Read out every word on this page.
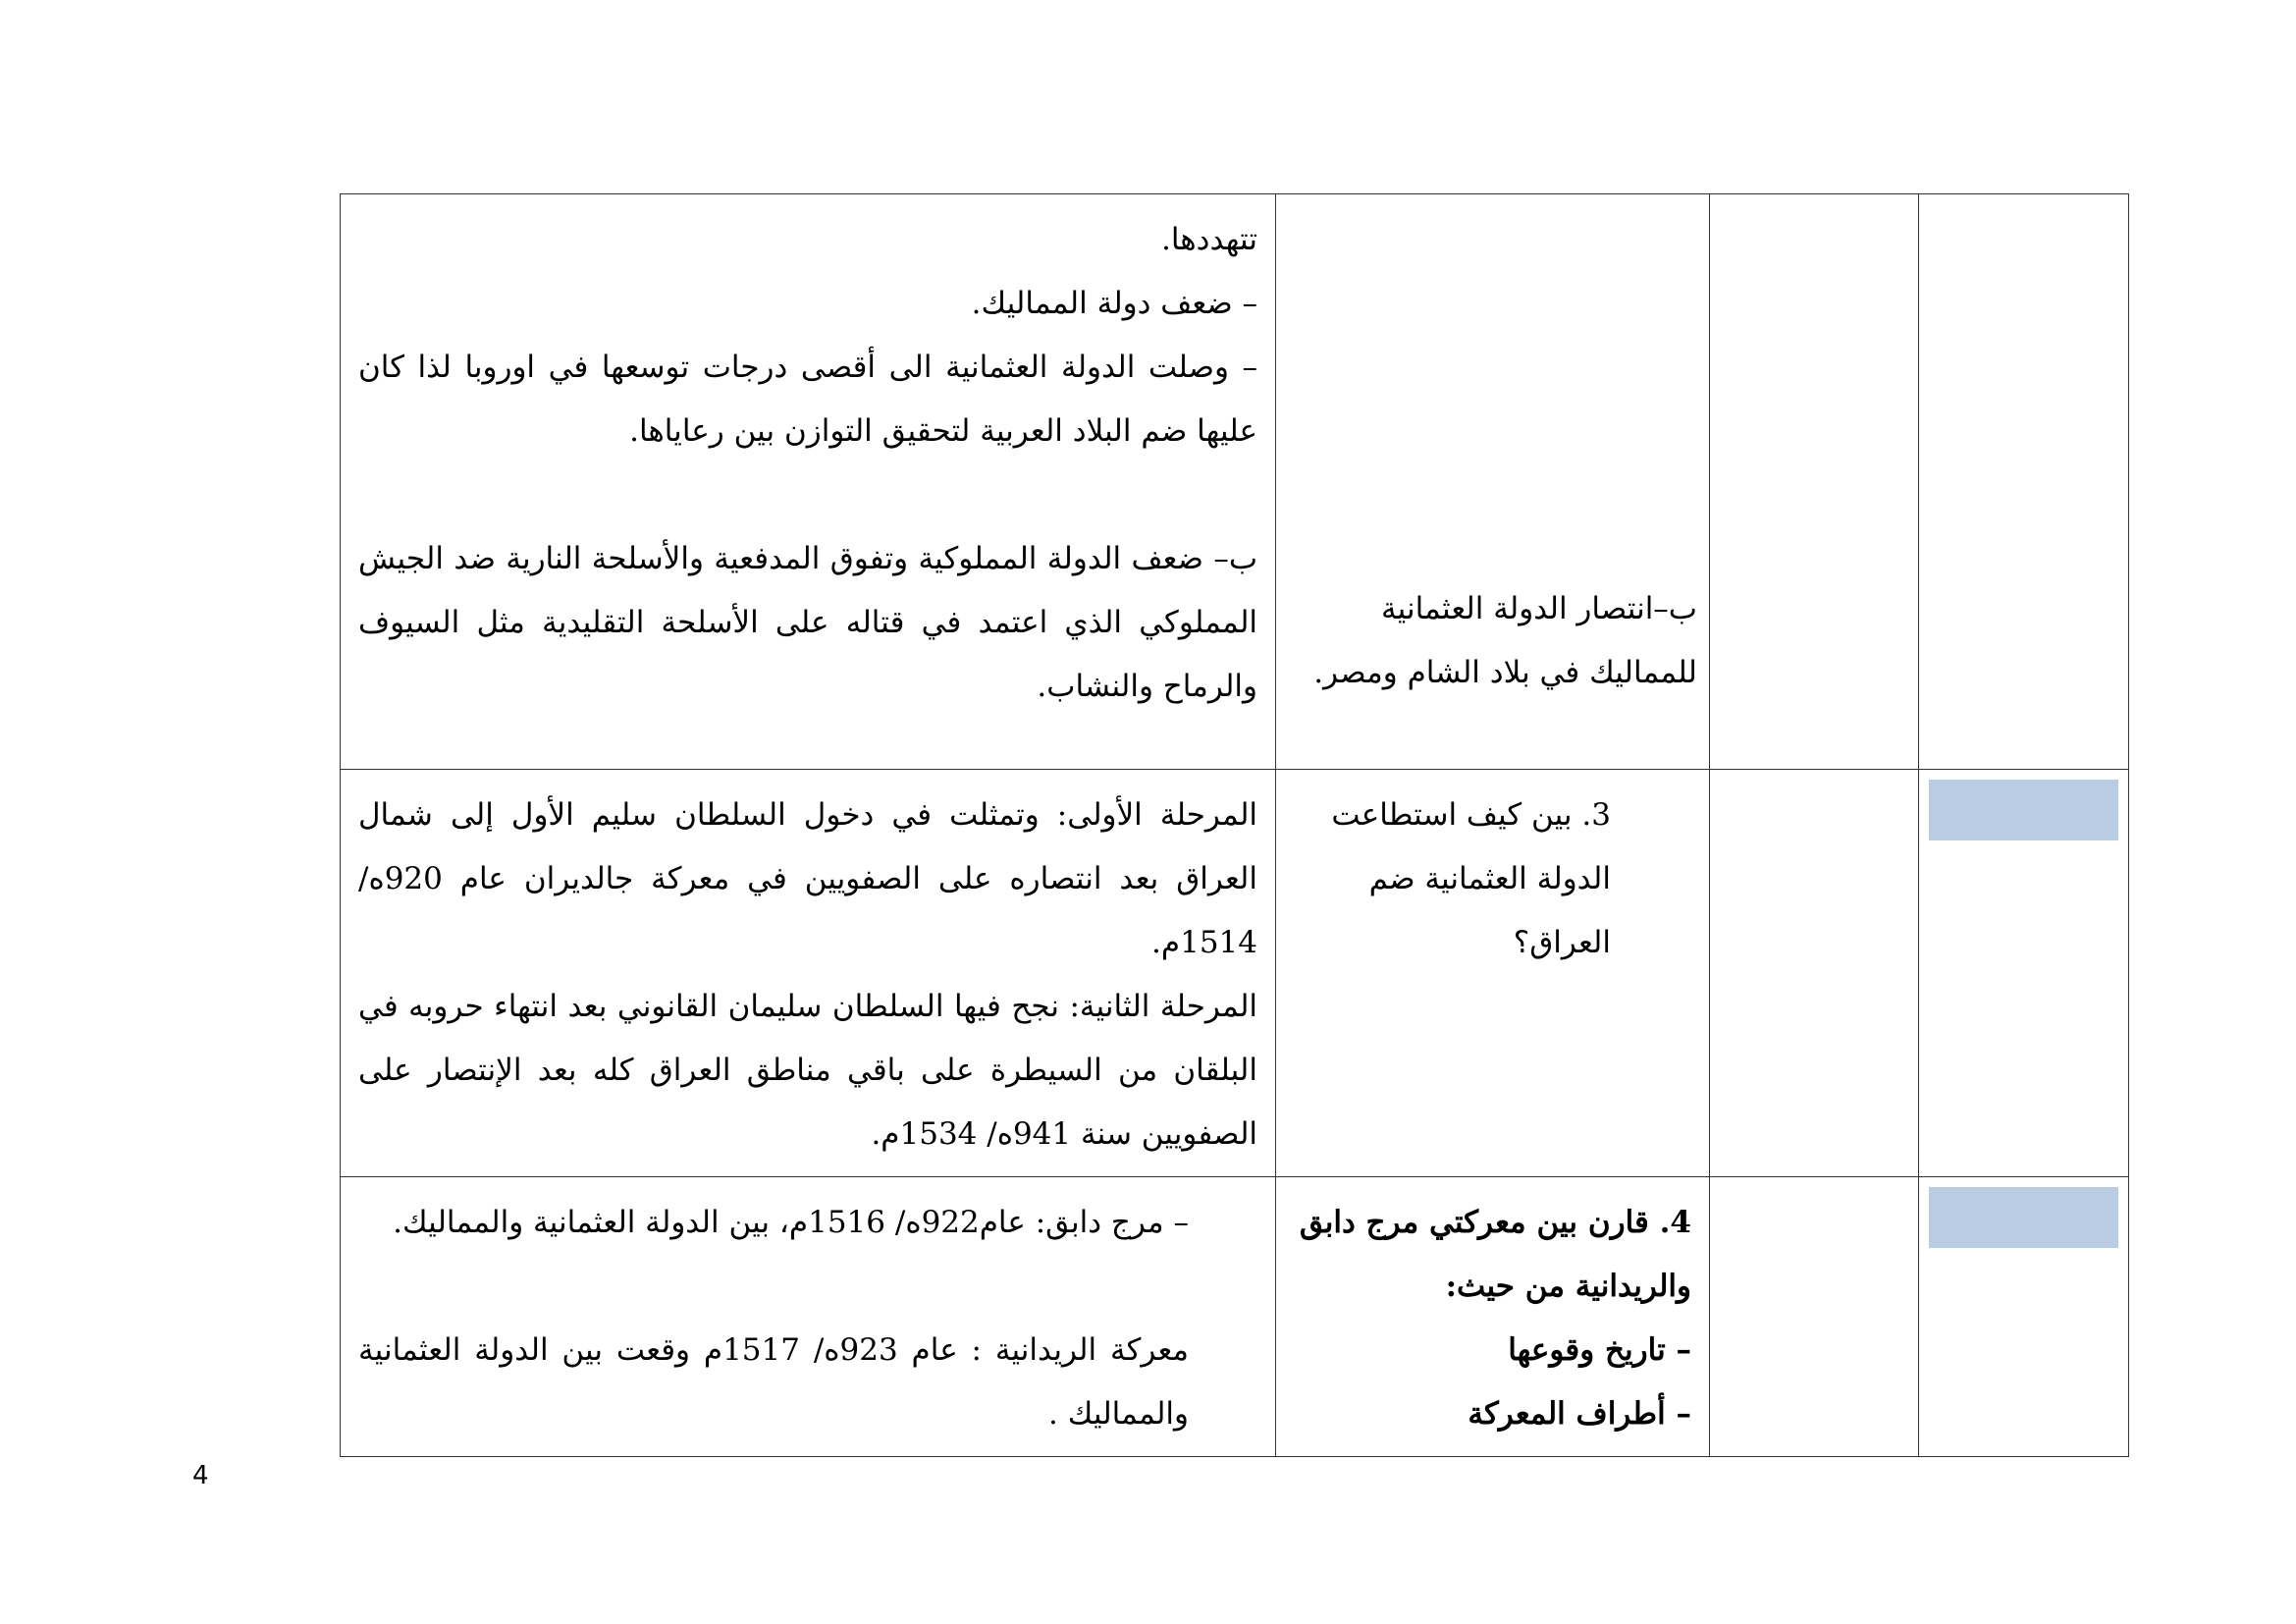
تتهددها.
– ضعف دولة المماليك.
– وصلت الدولة العثمانية الى أقصى درجات توسعها في اوروبا لذا كان عليها ضم البلاد العربية لتحقيق التوازن بين رعاياها.
ب– ضعف الدولة المملوكية وتفوق المدفعية والأسلحة النارية ضد الجيش المملوكي الذي اعتمد في قتاله على الأسلحة التقليدية مثل السيوف والرماح والنشاب.	ب–انتصار الدولة العثمانية للمماليك في بلاد الشام ومصر.		

المرحلة الأولى: وتمثلت في دخول السلطان سليم الأول إلى شمال العراق بعد انتصاره على الصفويين في معركة جالديران عام 920ه/ 1514م.
المرحلة الثانية: نجح فيها السلطان سليمان القانوني بعد انتهاء حروبه في البلقان من السيطرة على باقي مناطق العراق كله بعد الإنتصار على الصفويين سنة 941ه/ 1534م.	3. بين كيف استطاعت الدولة العثمانية ضم العراق؟		

– مرج دابق: عام922ه/ 1516م، بين الدولة العثمانية والمماليك.
معركة الريدانية : عام 923ه/ 1517م وقعت بين الدولة العثمانية والمماليك .	4. قارن بين معركتي مرج دابق والريدانية من حيث:
– تاريخ وقوعها
– أطراف المعركة		

4
